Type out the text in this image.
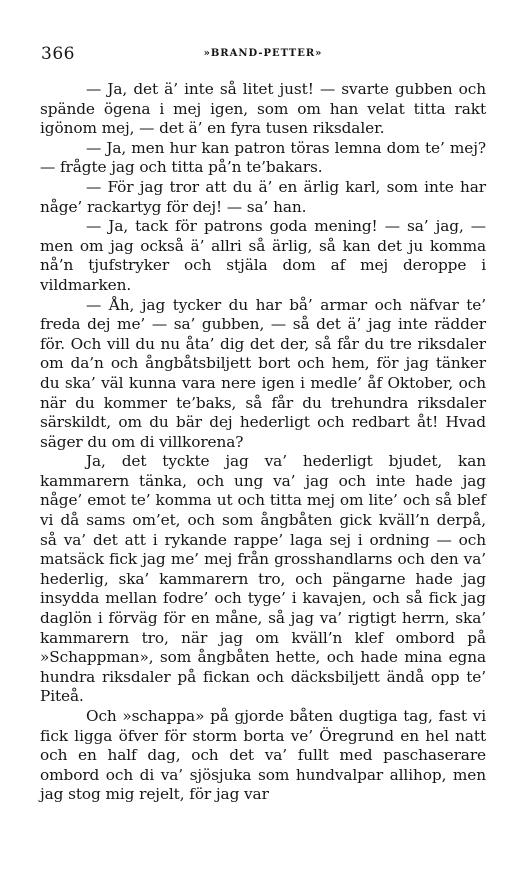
366	»BRAND-PETTER»

— Ja, det ä’ inte så litet just! — svarte gubben och spände ögena i mej igen, som om han velat titta rakt igönom mej, — det ä’ en fyra tusen riksdaler.

— Ja, men hur kan patron töras lemna dom te’ mej? — frågte jag och titta på’n te’bakars.

— För jag tror att du ä’ en ärlig karl, som inte har någe’ rackartyg för dej! — sa’ han.

— Ja, tack för patrons goda mening! — sa’ jag, — men om jag också ä’ allri så ärlig, så kan det ju komma nå’n tjufstryker och stjäla dom af mej deroppe i vildmarken.

— Åh, jag tycker du har bå’ armar och näfvar te’ freda dej me’ — sa’ gubben, — så det ä’ jag inte rädder för. Och vill du nu åta’ dig det der, så får du tre riksdaler om da’n och ångbåtsbiljett bort och hem, för jag tänker du ska’ väl kunna vara nere igen i medle’ åf Oktober, och när du kommer te’baks, så får du trehundra riksdaler särskildt, om du bär dej hederligt och redbart åt! Hvad säger du om di villkorena?

Ja, det tyckte jag va’ hederligt bjudet, kan kammarern tänka, och ung va’ jag och inte hade jag någe’ emot te’ komma ut och titta mej om lite’ och så blef vi då sams om’et, och som ångbåten gick kväll’n derpå, så va’ det att i rykande rappe’ laga sej i ordning — och matsäck fick jag me’ mej från grosshandlarns och den va’ hederlig, ska’ kammarern tro, och pängarne hade jag insydda mellan fodre’ och tyge’ i kavajen, och så fick jag daglön i förväg för en måne, så jag va’ rigtigt herrn, ska’ kammarern tro, när jag om kväll’n klef ombord på »Schappman», som ångbåten hette, och hade mina egna hundra riksdaler på fickan och däcksbiljett ändå opp te’ Piteå.

Och »schappa» på gjorde båten dugtiga tag, fast vi fick ligga öfver för storm borta ve’ Öregrund en hel natt och en half dag, och det va’ fullt med paschaserare ombord och di va’ sjösjuka som hundvalpar allihop, men jag stog mig rejelt, för jag var
